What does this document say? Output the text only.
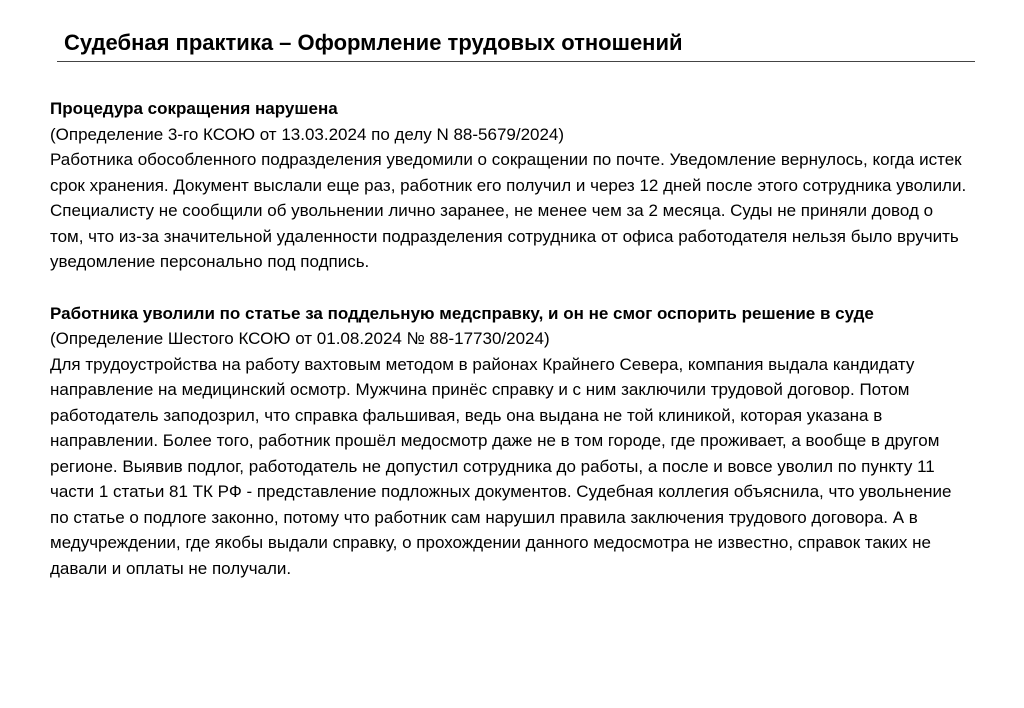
Судебная практика – Оформление трудовых отношений
Процедура сокращения нарушена
(Определение 3-го КСОЮ от 13.03.2024 по делу N 88-5679/2024)
Работника обособленного подразделения уведомили о сокращении по почте. Уведомление вернулось, когда истек срок хранения. Документ выслали еще раз, работник его получил и через 12 дней после этого сотрудника уволили. Специалисту не сообщили об увольнении лично заранее, не менее чем за 2 месяца. Суды не приняли довод о том, что из-за значительной удаленности подразделения сотрудника от офиса работодателя нельзя было вручить уведомление персонально под подпись.
Работника уволили по статье за поддельную медсправку, и он не смог оспорить решение в суде
(Определение Шестого КСОЮ от 01.08.2024 № 88-17730/2024)
Для трудоустройства на работу вахтовым методом в районах Крайнего Севера, компания выдала кандидату направление на медицинский осмотр. Мужчина принёс справку и с ним заключили трудовой договор. Потом работодатель заподозрил, что справка фальшивая, ведь она выдана не той клиникой, которая указана в направлении. Более того, работник прошёл медосмотр даже не в том городе, где проживает, а вообще в другом регионе. Выявив подлог, работодатель не допустил сотрудника до работы, а после и вовсе уволил по пункту 11 части 1 статьи 81 ТК РФ - представление подложных документов. Судебная коллегия объяснила, что увольнение по статье о подлоге законно, потому что работник сам нарушил правила заключения трудового договора. А в медучреждении, где якобы выдали справку, о прохождении данного медосмотра не известно, справок таких не давали и оплаты не получали.
